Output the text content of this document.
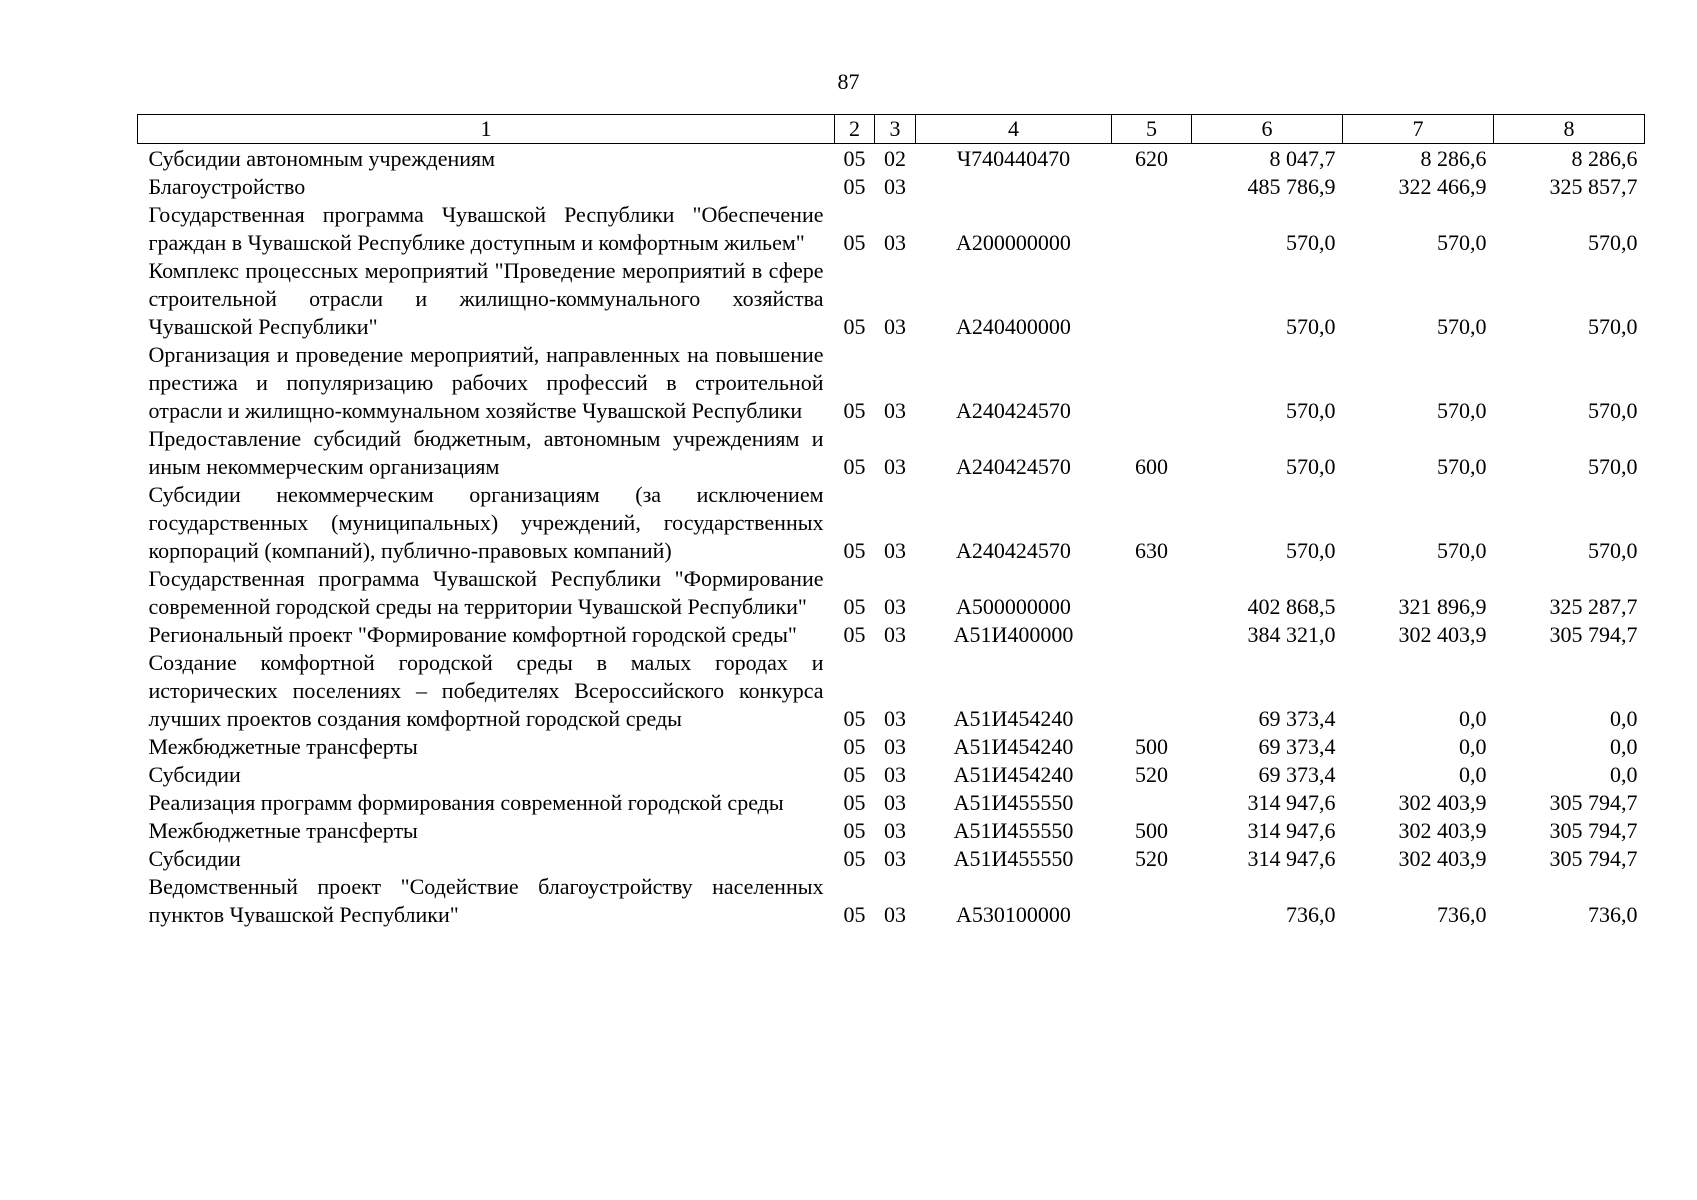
87
1	2	3	4	5	6	7	8
Субсидии автономным учреждениям	05	02	Ч740440470	620	8 047,7	8 286,6	8 286,6
Благоустройство	05	03			485 786,9	322 466,9	325 857,7
Государственная программа Чувашской Республики "Обеспечение граждан в Чувашской Республике доступным и комфортным жильем"	05	03	А200000000		570,0	570,0	570,0
Комплекс процессных мероприятий "Проведение мероприятий в сфере строительной отрасли и жилищно-коммунального хозяйства Чувашской Республики"	05	03	А240400000		570,0	570,0	570,0
Организация и проведение мероприятий, направленных на повышение престижа и популяризацию рабочих профессий в строительной отрасли и жилищно-коммунальном хозяйстве Чувашской Республики	05	03	А240424570		570,0	570,0	570,0
Предоставление субсидий бюджетным, автономным учреждениям и иным некоммерческим организациям	05	03	А240424570	600	570,0	570,0	570,0
Субсидии некоммерческим организациям (за исключением государственных (муниципальных) учреждений, государственных корпораций (компаний), публично-правовых компаний)	05	03	А240424570	630	570,0	570,0	570,0
Государственная программа Чувашской Республики "Формирование современной городской среды на территории Чувашской Республики"	05	03	А500000000		402 868,5	321 896,9	325 287,7
Региональный проект "Формирование комфортной городской среды"	05	03	А51И400000		384 321,0	302 403,9	305 794,7
Создание комфортной городской среды в малых городах и исторических поселениях – победителях Всероссийского конкурса лучших проектов создания комфортной городской среды	05	03	А51И454240		69 373,4	0,0	0,0
Межбюджетные трансферты	05	03	А51И454240	500	69 373,4	0,0	0,0
Субсидии	05	03	А51И454240	520	69 373,4	0,0	0,0
Реализация программ формирования современной городской среды	05	03	А51И455550		314 947,6	302 403,9	305 794,7
Межбюджетные трансферты	05	03	А51И455550	500	314 947,6	302 403,9	305 794,7
Субсидии	05	03	А51И455550	520	314 947,6	302 403,9	305 794,7
Ведомственный проект "Содействие благоустройству населенных пунктов Чувашской Республики"	05	03	А530100000		736,0	736,0	736,0
